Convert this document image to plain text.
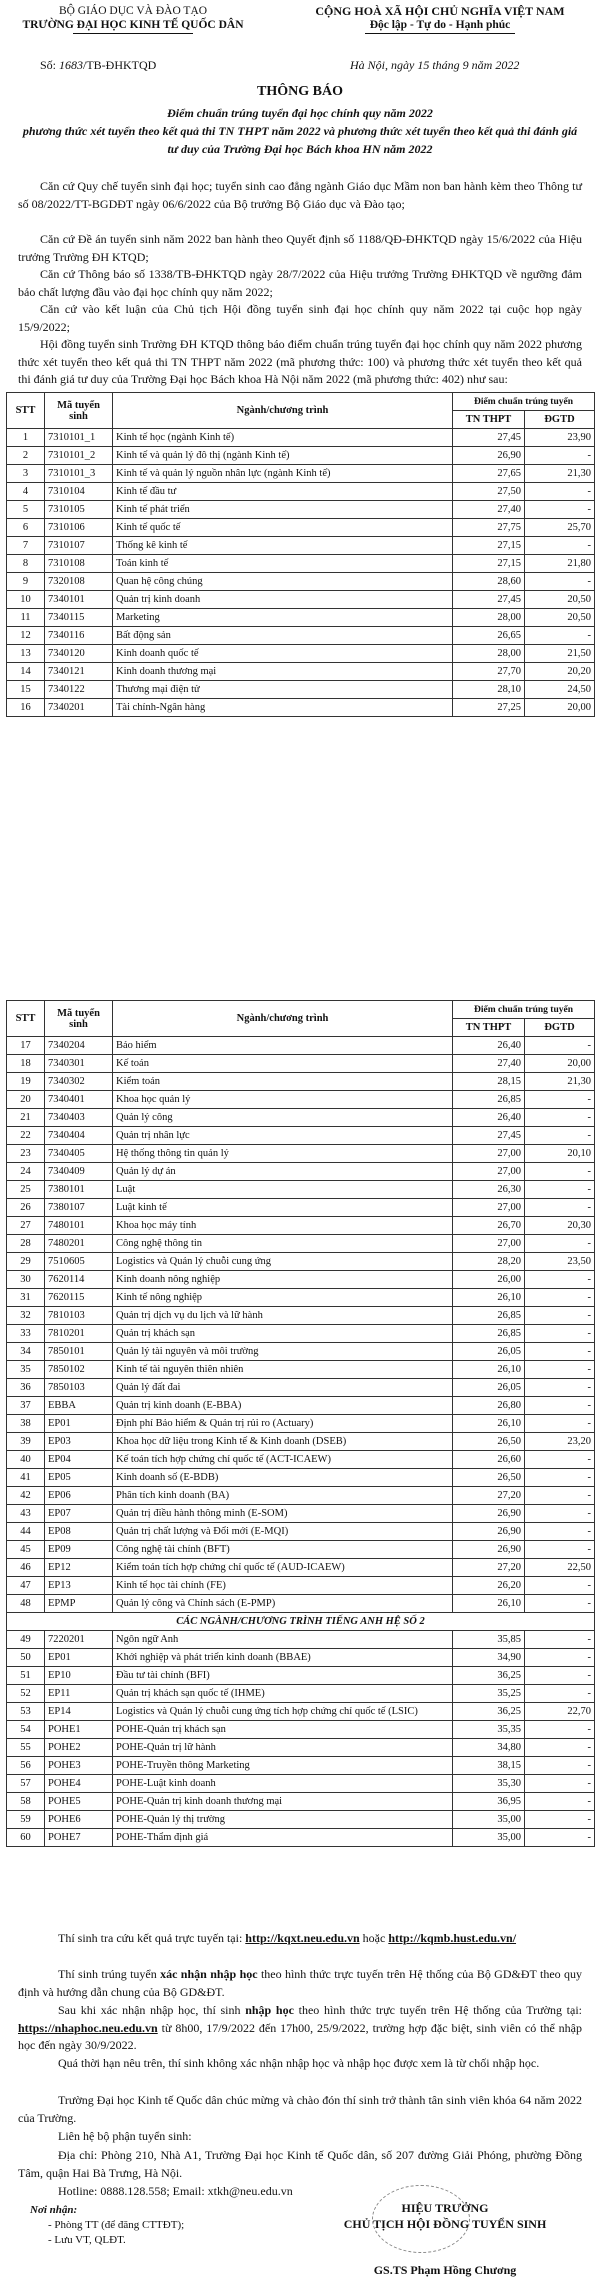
BỘ GIÁO DỤC VÀ ĐÀO TẠO
TRƯỜNG ĐẠI HỌC KINH TẾ QUỐC DÂN
CỘNG HOÀ XÃ HỘI CHỦ NGHĨA VIỆT NAM
Độc lập - Tự do - Hạnh phúc
Số: 1683/TB-ĐHKTQD	Hà Nội, ngày 15 tháng 9 năm 2022
THÔNG BÁO
Điểm chuẩn trúng tuyển đại học chính quy năm 2022
phương thức xét tuyển theo kết quả thi TN THPT năm 2022 và phương thức xét tuyển theo kết quả thi đánh giá tư duy của Trường Đại học Bách khoa HN năm 2022
Căn cứ Quy chế tuyển sinh đại học; tuyển sinh cao đẳng ngành Giáo dục Mầm non ban hành kèm theo Thông tư số 08/2022/TT-BGDĐT ngày 06/6/2022 của Bộ trưởng Bộ Giáo dục và Đào tạo;
Căn cứ Đề án tuyển sinh năm 2022 ban hành theo Quyết định số 1188/QĐ-ĐHKTQD ngày 15/6/2022 của Hiệu trưởng Trường ĐH KTQD;
Căn cứ Thông báo số 1338/TB-ĐHKTQD ngày 28/7/2022 của Hiệu trưởng Trường ĐHKTQD về ngưỡng đảm bảo chất lượng đầu vào đại học chính quy năm 2022;
Căn cứ vào kết luận của Chủ tịch Hội đồng tuyển sinh đại học chính quy năm 2022 tại cuộc họp ngày 15/9/2022;
Hội đồng tuyển sinh Trường ĐH KTQD thông báo điểm chuẩn trúng tuyển đại học chính quy năm 2022 phương thức xét tuyển theo kết quả thi TN THPT năm 2022 (mã phương thức: 100) và phương thức xét tuyển theo kết quả thi đánh giá tư duy của Trường Đại học Bách khoa Hà Nội năm 2022 (mã phương thức: 402) như sau:
STT	Mã tuyển sinh	Ngành/chương trình	Điểm chuẩn trúng tuyển	
			TN THPT	ĐGTD
1	7310101_1	Kinh tế học (ngành Kinh tế)	27,45	23,90
2	7310101_2	Kinh tế và quản lý đô thị (ngành Kinh tế)	26,90	-
3	7310101_3	Kinh tế và quản lý nguồn nhân lực (ngành Kinh tế)	27,65	21,30
4	7310104	Kinh tế đầu tư	27,50	-
5	7310105	Kinh tế phát triển	27,40	-
6	7310106	Kinh tế quốc tế	27,75	25,70
7	7310107	Thống kê kinh tế	27,15	-
8	7310108	Toán kinh tế	27,15	21,80
9	7320108	Quan hệ công chúng	28,60	-
10	7340101	Quản trị kinh doanh	27,45	20,50
11	7340115	Marketing	28,00	20,50
12	7340116	Bất động sản	26,65	-
13	7340120	Kinh doanh quốc tế	28,00	21,50
14	7340121	Kinh doanh thương mại	27,70	20,20
15	7340122	Thương mại điện tử	28,10	24,50
16	7340201	Tài chính-Ngân hàng	27,25	20,00
STT	Mã tuyển sinh	Ngành/chương trình	Điểm chuẩn trúng tuyển	
			TN THPT	ĐGTD
17	7340204	Bảo hiểm	26,40	-
18	7340301	Kế toán	27,40	20,00
19	7340302	Kiểm toán	28,15	21,30
20	7340401	Khoa học quản lý	26,85	-
21	7340403	Quản lý công	26,40	-
22	7340404	Quản trị nhân lực	27,45	-
23	7340405	Hệ thống thông tin quản lý	27,00	20,10
24	7340409	Quản lý dự án	27,00	-
25	7380101	Luật	26,30	-
26	7380107	Luật kinh tế	27,00	-
27	7480101	Khoa học máy tính	26,70	20,30
28	7480201	Công nghệ thông tin	27,00	-
29	7510605	Logistics và Quản lý chuỗi cung ứng	28,20	23,50
30	7620114	Kinh doanh nông nghiệp	26,00	-
31	7620115	Kinh tế nông nghiệp	26,10	-
32	7810103	Quản trị dịch vụ du lịch và lữ hành	26,85	-
33	7810201	Quản trị khách sạn	26,85	-
34	7850101	Quản lý tài nguyên và môi trường	26,05	-
35	7850102	Kinh tế tài nguyên thiên nhiên	26,10	-
36	7850103	Quản lý đất đai	26,05	-
37	EBBA	Quản trị kinh doanh (E-BBA)	26,80	-
38	EP01	Định phí Bảo hiểm & Quản trị rủi ro (Actuary)	26,10	-
39	EP03	Khoa học dữ liệu trong Kinh tế & Kinh doanh (DSEB)	26,50	23,20
40	EP04	Kế toán tích hợp chứng chỉ quốc tế (ACT-ICAEW)	26,60	-
41	EP05	Kinh doanh số (E-BDB)	26,50	-
42	EP06	Phân tích kinh doanh (BA)	27,20	-
43	EP07	Quản trị điều hành thông minh (E-SOM)	26,90	-
44	EP08	Quản trị chất lượng và Đổi mới (E-MQI)	26,90	-
45	EP09	Công nghệ tài chính (BFT)	26,90	-
46	EP12	Kiểm toán tích hợp chứng chỉ quốc tế (AUD-ICAEW)	27,20	22,50
47	EP13	Kinh tế học tài chính (FE)	26,20	-
48	EPMP	Quản lý công và Chính sách (E-PMP)	26,10	-
CÁC NGÀNH/CHƯƠNG TRÌNH TIẾNG ANH HỆ SỐ 2				
49	7220201	Ngôn ngữ Anh	35,85	-
50	EP01	Khởi nghiệp và phát triển kinh doanh (BBAE)	34,90	-
51	EP10	Đầu tư tài chính (BFI)	36,25	-
52	EP11	Quản trị khách sạn quốc tế (IHME)	35,25	-
53	EP14	Logistics và Quản lý chuỗi cung ứng tích hợp chứng chỉ quốc tế (LSIC)	36,25	22,70
54	POHE1	POHE-Quản trị khách sạn	35,35	-
55	POHE2	POHE-Quản trị lữ hành	34,80	-
56	POHE3	POHE-Truyền thông Marketing	38,15	-
57	POHE4	POHE-Luật kinh doanh	35,30	-
58	POHE5	POHE-Quản trị kinh doanh thương mại	36,95	-
59	POHE6	POHE-Quản lý thị trường	35,00	-
60	POHE7	POHE-Thẩm định giá	35,00	-
Thí sinh tra cứu kết quả trực tuyến tại: http://kqxt.neu.edu.vn hoặc http://kqmb.hust.edu.vn/
Thí sinh trúng tuyển xác nhận nhập học theo hình thức trực tuyến trên Hệ thống của Bộ GD&ĐT theo quy định và hướng dẫn chung của Bộ GD&ĐT.
Sau khi xác nhận nhập học, thí sinh nhập học theo hình thức trực tuyến trên Hệ thống của Trường tại: https://nhaphoc.neu.edu.vn từ 8h00, 17/9/2022 đến 17h00, 25/9/2022, trường hợp đặc biệt, sinh viên có thể nhập học đến ngày 30/9/2022.
Quá thời hạn nêu trên, thí sinh không xác nhận nhập học và nhập học được xem là từ chối nhập học.
Trường Đại học Kinh tế Quốc dân chúc mừng và chào đón thí sinh trở thành tân sinh viên khóa 64 năm 2022 của Trường.
Liên hệ bộ phận tuyển sinh:
Địa chỉ: Phòng 210, Nhà A1, Trường Đại học Kinh tế Quốc dân, số 207 đường Giải Phóng, phường Đồng Tâm, quận Hai Bà Trưng, Hà Nội.
Hotline: 0888.128.558; Email: xtkh@neu.edu.vn
Nơi nhận:
- Phòng TT (để đăng CTTĐT);
- Lưu VT, QLĐT.
HIỆU TRƯỞNG
CHỦ TỊCH HỘI ĐỒNG TUYỂN SINH
GS.TS Phạm Hồng Chương
